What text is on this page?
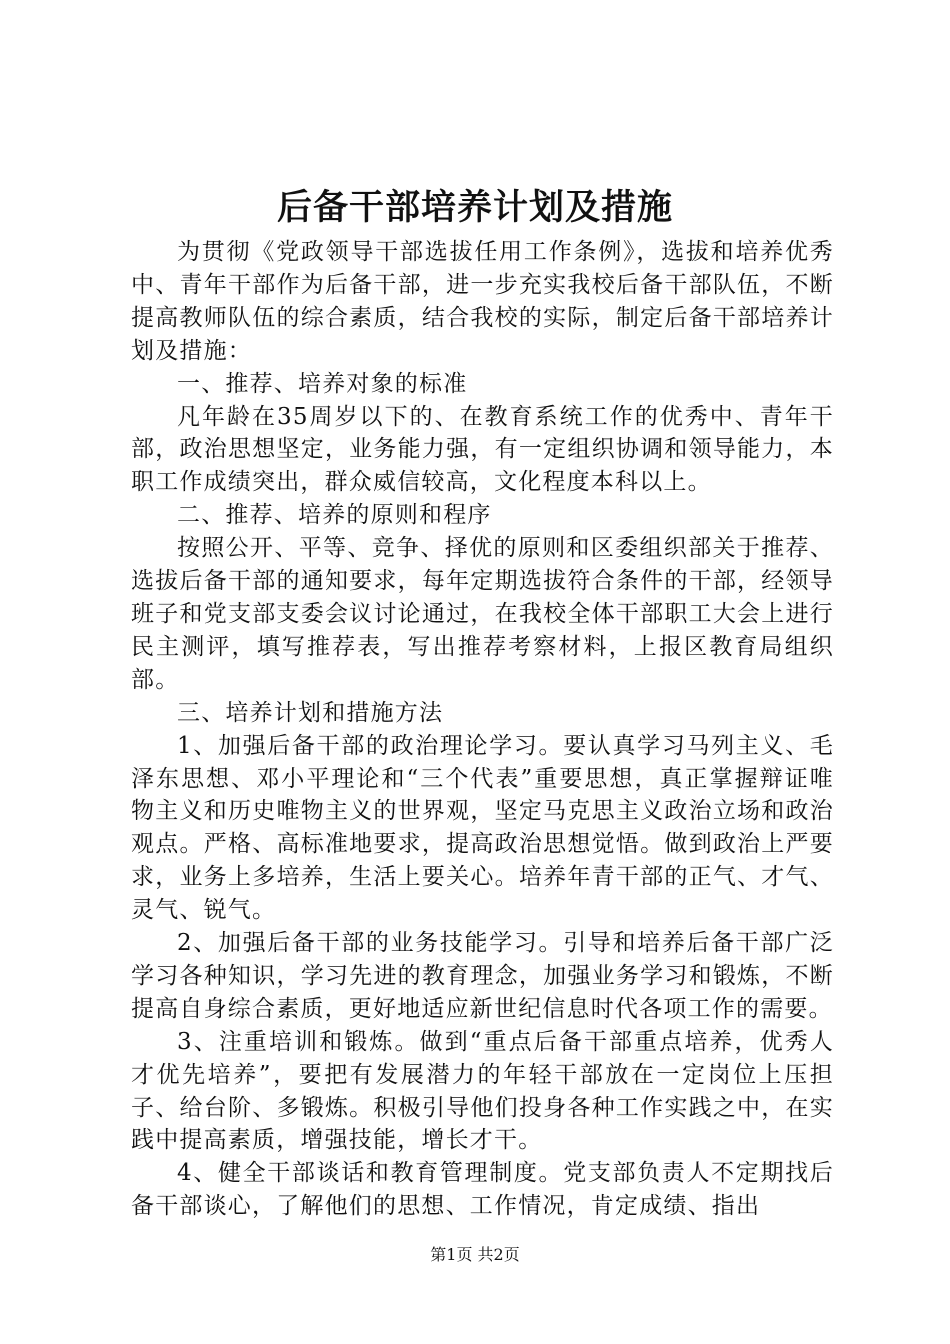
后备干部培养计划及措施

为贯彻《党政领导干部选拔任用工作条例》，选拔和培养优秀中、青年干部作为后备干部，进一步充实我校后备干部队伍，不断提高教师队伍的综合素质，结合我校的实际，制定后备干部培养计划及措施：

一、推荐、培养对象的标准

凡年龄在35周岁以下的、在教育系统工作的优秀中、青年干部，政治思想坚定，业务能力强，有一定组织协调和领导能力，本职工作成绩突出，群众威信较高，文化程度本科以上。

二、推荐、培养的原则和程序

按照公开、平等、竞争、择优的原则和区委组织部关于推荐、选拔后备干部的通知要求，每年定期选拔符合条件的干部，经领导班子和党支部支委会议讨论通过，在我校全体干部职工大会上进行民主测评，填写推荐表，写出推荐考察材料，上报区教育局组织部。

三、培养计划和措施方法

1、加强后备干部的政治理论学习。要认真学习马列主义、毛泽东思想、邓小平理论和“三个代表”重要思想，真正掌握辩证唯物主义和历史唯物主义的世界观，坚定马克思主义政治立场和政治观点。严格、高标准地要求，提高政治思想觉悟。做到政治上严要求，业务上多培养，生活上要关心。培养年青干部的正气、才气、灵气、锐气。

2、加强后备干部的业务技能学习。引导和培养后备干部广泛学习各种知识，学习先进的教育理念，加强业务学习和锻炼，不断提高自身综合素质，更好地适应新世纪信息时代各项工作的需要。

3、注重培训和锻炼。做到“重点后备干部重点培养，优秀人才优先培养”，要把有发展潜力的年轻干部放在一定岗位上压担子、给台阶、多锻炼。积极引导他们投身各种工作实践之中，在实践中提高素质，增强技能，增长才干。

4、健全干部谈话和教育管理制度。党支部负责人不定期找后备干部谈心，了解他们的思想、工作情况，肯定成绩、指出

第1页 共2页
